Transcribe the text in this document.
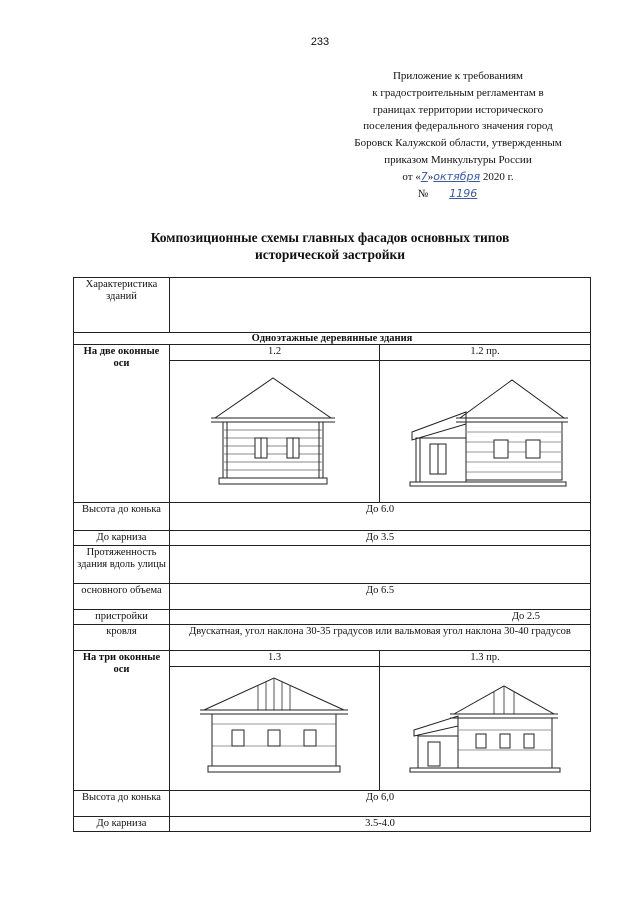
233
Приложение к требованиям
к градостроительным регламентам в
границах территории исторического
поселения федерального значения город
Боровск Калужской области, утвержденным
приказом Минкультуры России
от «7»октября 2020 г.
№ 1196
Композиционные схемы главных фасадов основных типов
исторической застройки
Характеристика зданий		
Одноэтажные деревянные здания		
На две оконные оси	1.2	1.2 пр.

Высота до конька	До 6.0	
До карниза	До 3.5	
Протяженность здания вдоль улицы		
основного объема	До 6.5	
пристройки	До 2.5	
кровля	Двускатная, угол наклона 30-35 градусов или вальмовая угол наклона 30-40 градусов	
На три оконные оси	1.3	1.3 пр.

Высота до конька	До 6,0	
До карниза	3.5-4.0	
